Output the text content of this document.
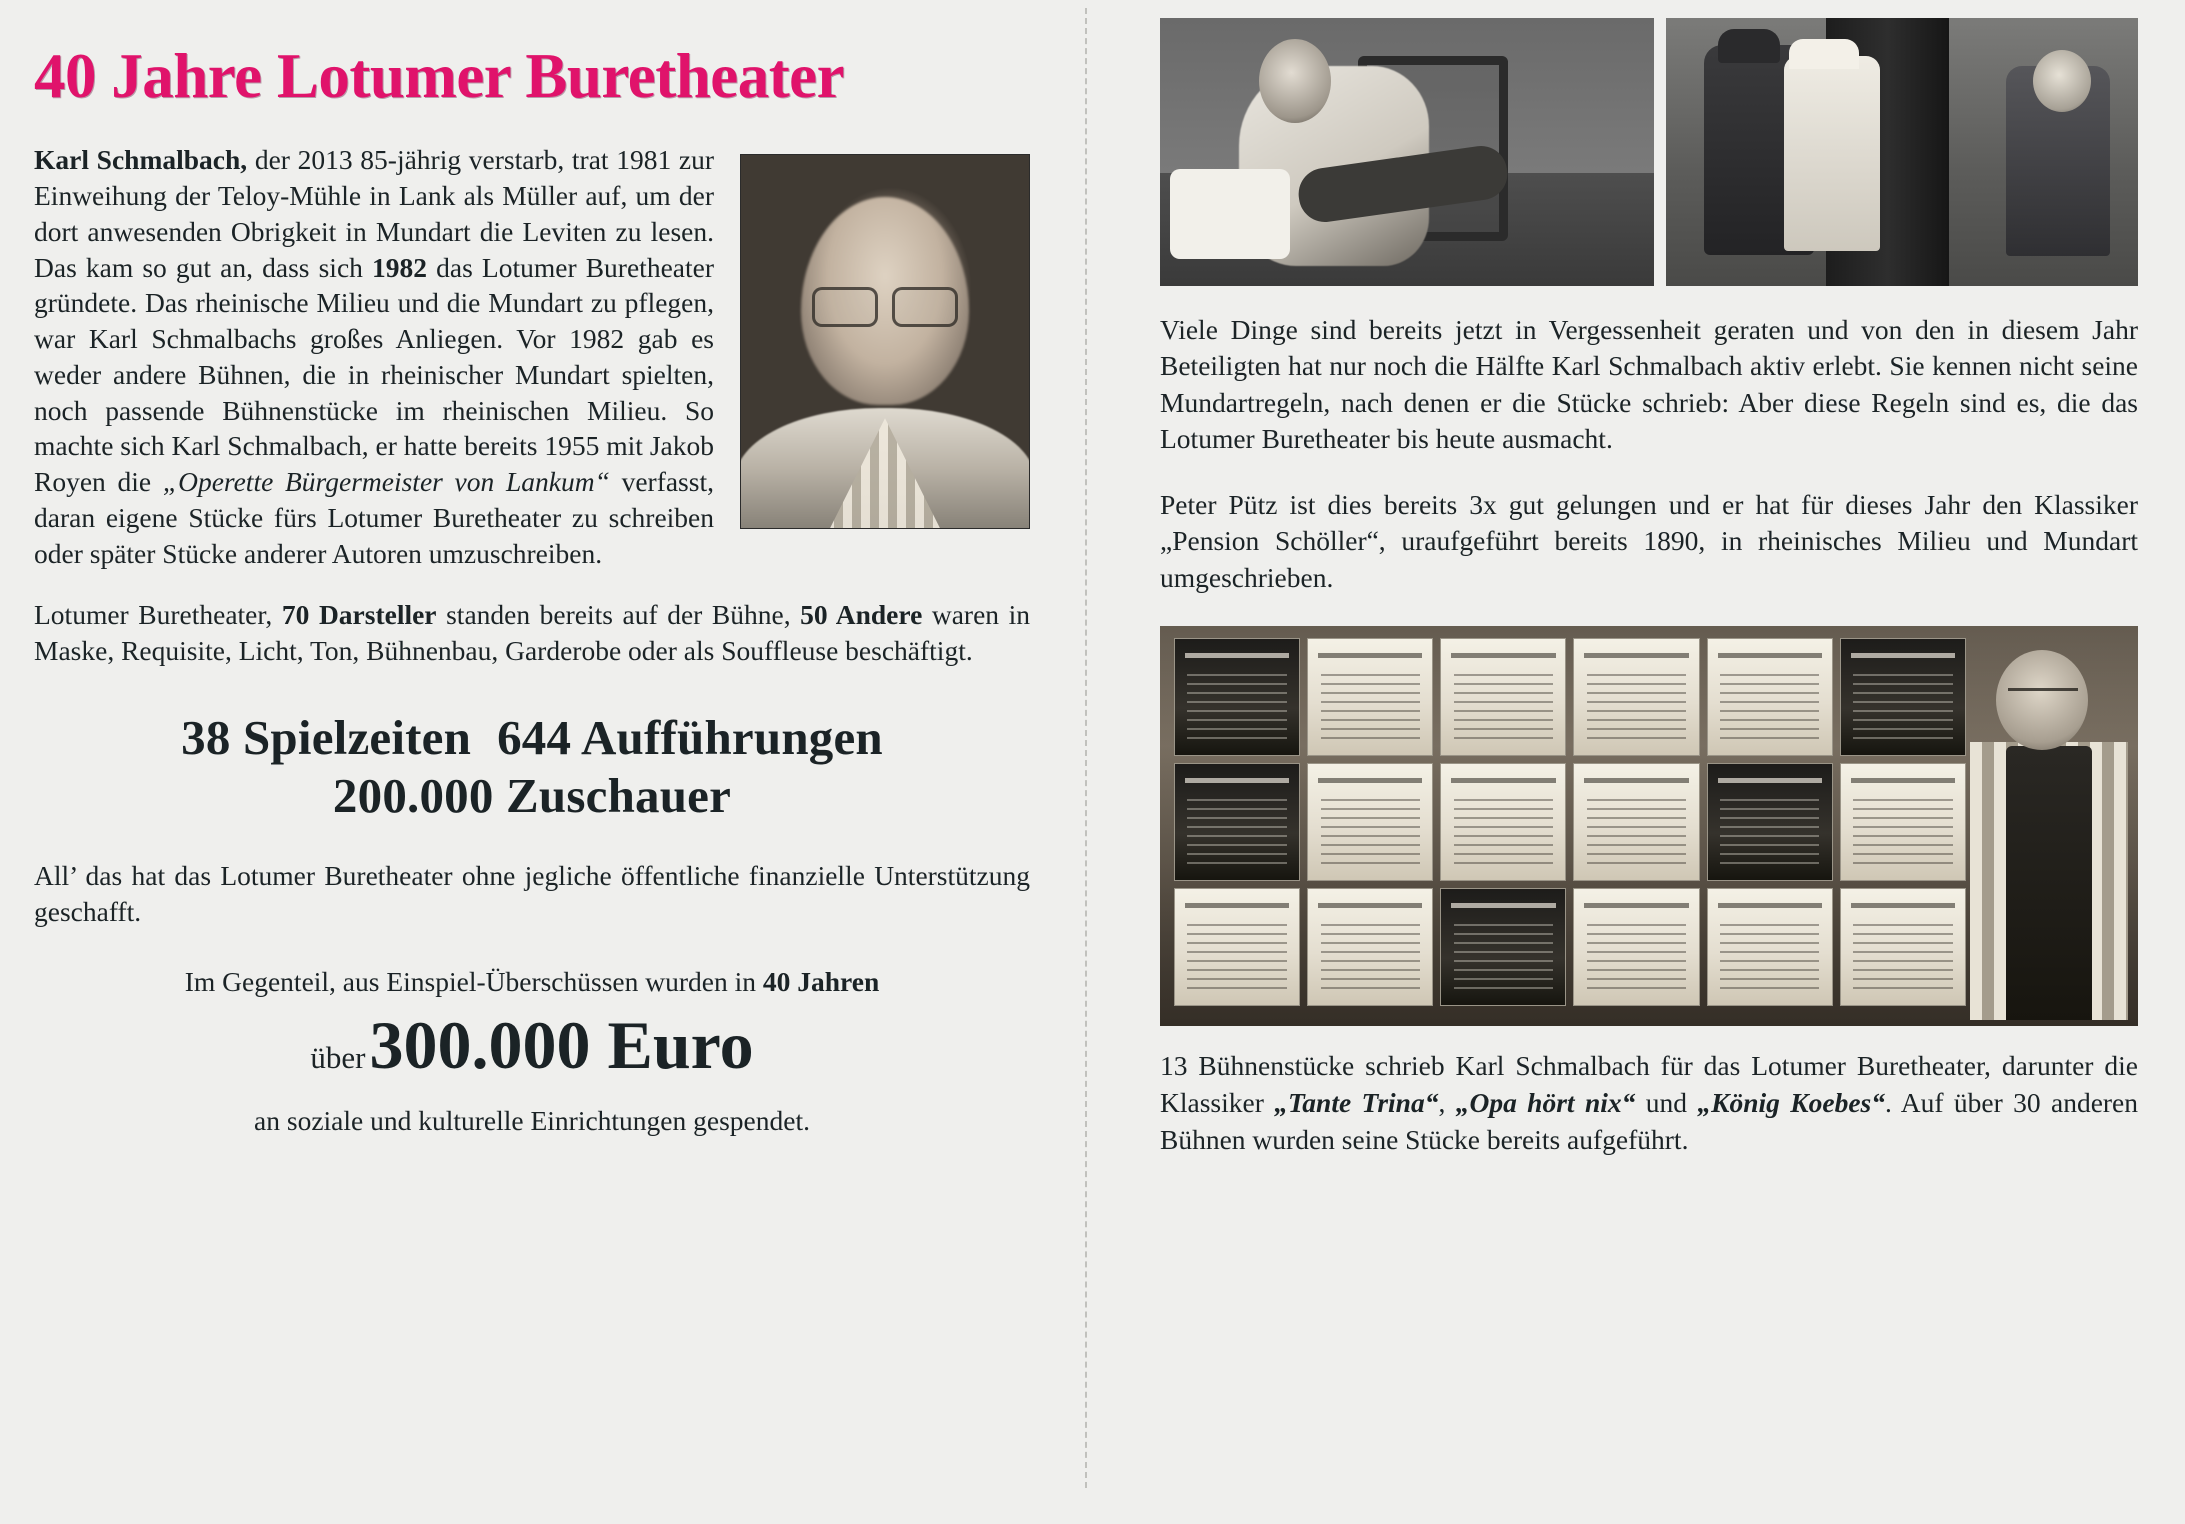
40 Jahre Lotumer Buretheater

Karl Schmalbach, der 2013 85-jährig verstarb, trat 1981 zur Einweihung der Teloy-Mühle in Lank als Müller auf, um der dort anwesenden Obrigkeit in Mundart die Leviten zu lesen. Das kam so gut an, dass sich 1982 das Lotumer Buretheater gründete. Das rheinische Milieu und die Mundart zu pflegen, war Karl Schmalbachs großes Anliegen. Vor 1982 gab es weder andere Bühnen, die in rheinischer Mundart spielten, noch passende Bühnenstücke im rheinischen Milieu. So machte sich Karl Schmalbach, er hatte bereits 1955 mit Jakob Royen die „Operette Bürgermeister von Lankum“ verfasst, daran eigene Stücke fürs Lotumer Buretheater zu schreiben oder später Stücke anderer Autoren umzuschreiben.

Lotumer Buretheater, 70 Darsteller standen bereits auf der Bühne, 50 Andere waren in Maske, Requisite, Licht, Ton, Bühnenbau, Garderobe oder als Souffleuse beschäftigt.

38 Spielzeiten 644 Aufführungen
200.000 Zuschauer

All’ das hat das Lotumer Buretheater ohne jegliche öffentliche finanzielle Unterstützung geschafft.

Im Gegenteil, aus Einspiel-Überschüssen wurden in 40 Jahren

über 300.000 Euro

an soziale und kulturelle Einrichtungen gespendet.

Viele Dinge sind bereits jetzt in Vergessenheit geraten und von den in diesem Jahr Beteiligten hat nur noch die Hälfte Karl Schmalbach aktiv erlebt. Sie kennen nicht seine Mundartregeln, nach denen er die Stücke schrieb: Aber diese Regeln sind es, die das Lotumer Buretheater bis heute ausmacht.

Peter Pütz ist dies bereits 3x gut gelungen und er hat für dieses Jahr den Klassiker „Pension Schöller“, uraufgeführt bereits 1890, in rheinisches Milieu und Mundart umgeschrieben.

13 Bühnenstücke schrieb Karl Schmalbach für das Lotumer Buretheater, darunter die Klassiker „Tante Trina“, „Opa hört nix“ und „König Koebes“. Auf über 30 anderen Bühnen wurden seine Stücke bereits aufgeführt.
